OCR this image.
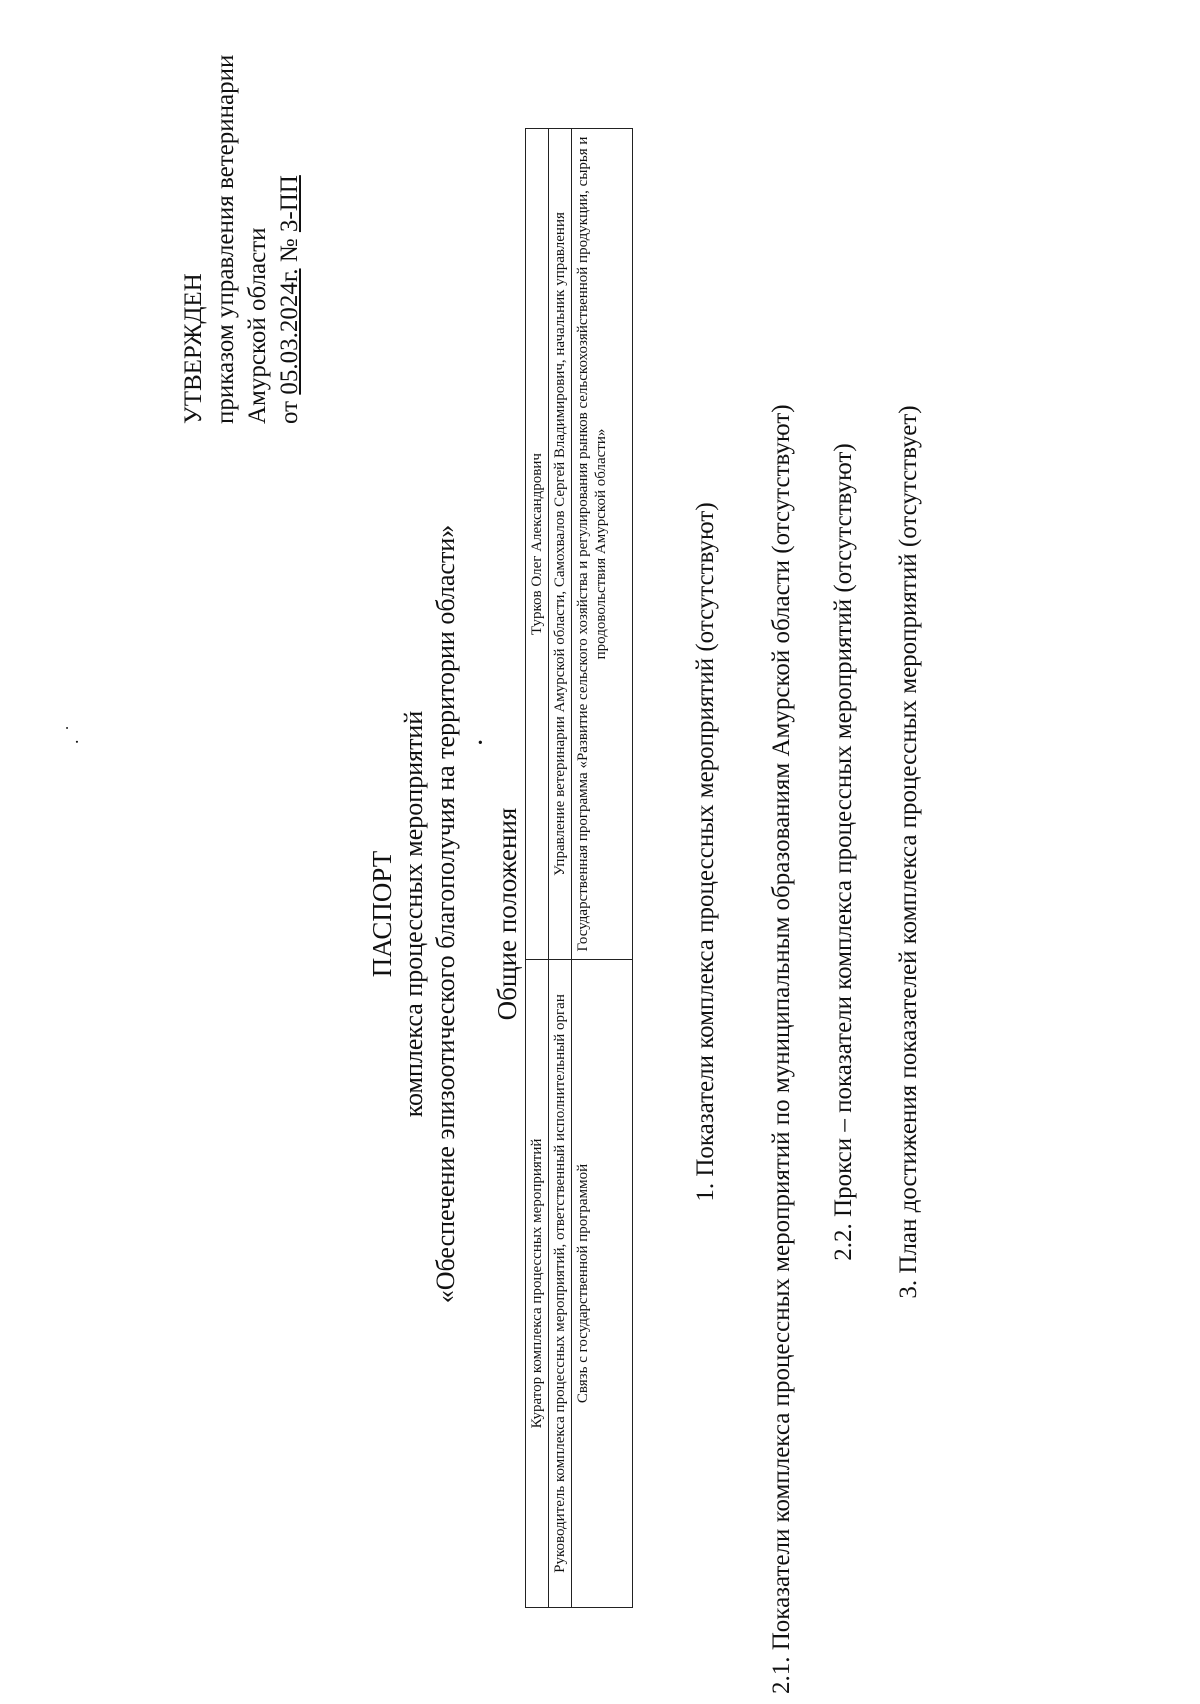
УТВЕРЖДЕН приказом управления ветеринарии Амурской области от 05.03.2024г. № 3-ПП
. ˙	˙
ПАСПОРТ комплекса процессных мероприятий «Обеспечение эпизоотического благополучия на территории области» Общие положения
Куратор комплекса процессных мероприятий	Турков Олег Александрович
Руководитель комплекса процессных мероприятий, ответственный исполнительный орган	Управление ветеринарии Амурской области, Самохвалов Сергей Владимирович, начальник управления
Связь с государственной программой	Государственная программа «Развитие сельского хозяйства и регулирования рынков сельскохозяйственной продукции, сырья и продовольствия Амурской области»	1. Показатели комплекса процессных мероприятий (отсутствуют) 2.1. Показатели комплекса процессных мероприятий по муниципальным образованиям Амурской области (отсутствуют) 2.2. Прокси – показатели комплекса процессных мероприятий (отсутствуют) 3. План достижения показателей комплекса процессных мероприятий (отсутствует)
